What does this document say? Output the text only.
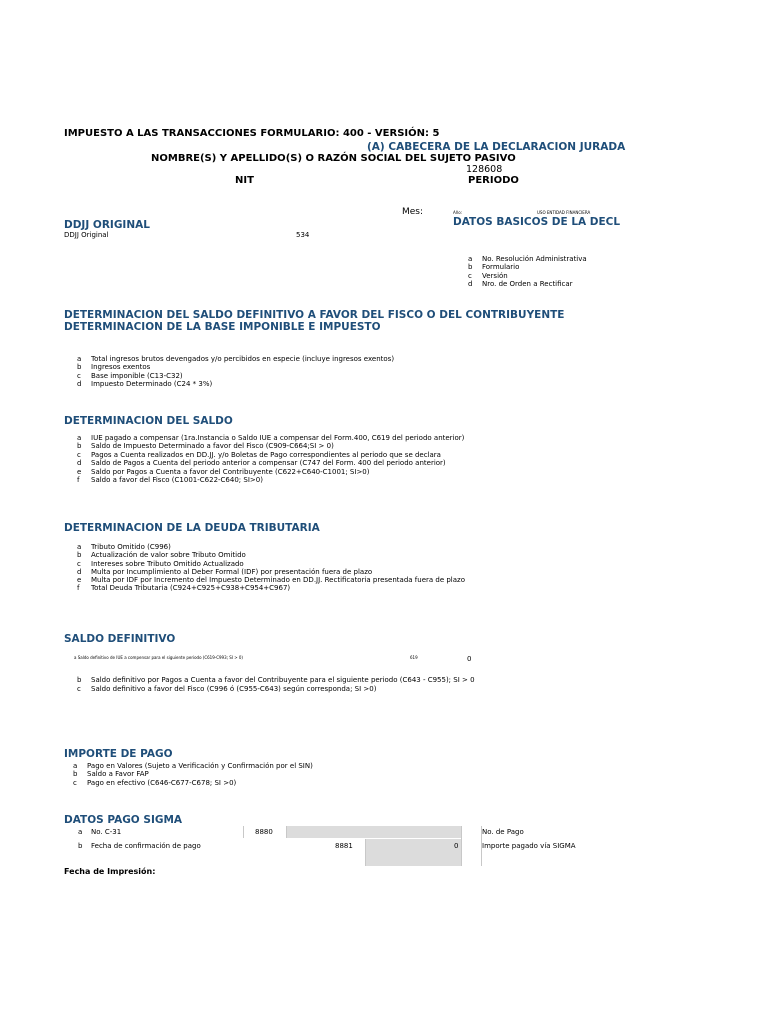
IMPUESTO A LAS TRANSACCIONES FORMULARIO: 400 - VERSIÓN: 5
(A) CABECERA DE LA DECLARACION JURADA
NOMBRE(S) Y APELLIDO(S) O RAZÓN SOCIAL DEL SUJETO PASIVO
128608
NIT	PERIODO
Mes:	Año:	USO ENTIDAD FINANCIERA
DDJJ ORIGINAL	DATOS BASICOS DE LA DECL
DDJJ Original	534
a	No. Resolución Administrativa
b	Formulario
c	Versión
d	Nro. de Orden a Rectificar
DETERMINACION DEL SALDO DEFINITIVO A FAVOR DEL FISCO O DEL CONTRIBUYENTE
DETERMINACION DE LA BASE IMPONIBLE E IMPUESTO
a	Total ingresos brutos devengados y/o percibidos en especie (incluye ingresos exentos)
b	Ingresos exentos
c	Base imponible (C13-C32)
d	Impuesto Determinado (C24 * 3%)
DETERMINACION DEL SALDO
a	IUE pagado a compensar (1ra.Instancia o Saldo IUE a compensar del Form.400, C619 del periodo anterior)
b	Saldo de Impuesto Determinado a favor del Fisco (C909-C664;SI > 0)
c	Pagos a Cuenta realizados en DD.JJ. y/o Boletas de Pago correspondientes al periodo que se declara
d	Saldo de Pagos a Cuenta del periodo anterior a compensar (C747 del Form. 400 del periodo anterior)
e	Saldo por Pagos a Cuenta a favor del Contribuyente (C622+C640-C1001; SI>0)
f	Saldo a favor del Fisco (C1001-C622-C640; SI>0)
DETERMINACION DE LA DEUDA TRIBUTARIA
a	Tributo Omitido (C996)
b	Actualización de valor sobre Tributo Omitido
c	Intereses sobre Tributo Omitido Actualizado
d	Multa por Incumplimiento al Deber Formal (IDF) por presentación fuera de plazo
e	Multa por IDF por Incremento del Impuesto Determinado en DD.JJ. Rectificatoria presentada fuera de plazo
f	Total Deuda Tributaria (C924+C925+C938+C954+C967)
SALDO DEFINITIVO
a Saldo definitivo de IUE a compensar para el siguiente periodo (C619-C993; SI > 0)	619	0
b	Saldo definitivo por Pagos a Cuenta a favor del Contribuyente para el siguiente periodo (C643 - C955); SI > 0
c	Saldo definitivo a favor del Fisco (C996 ó (C955-C643) según corresponda; SI >0)
IMPORTE DE PAGO
a	Pago en Valores (Sujeto a Verificación y Confirmación por el SIN)
b	Saldo a Favor FAP
c	Pago en efectivo (C646-C677-C678; SI >0)
DATOS PAGO SIGMA
a No. C-31	8880	No. de Pago
b Fecha de confirmación de pago	8881	0	Importe pagado vía SIGMA
Fecha de Impresión:
